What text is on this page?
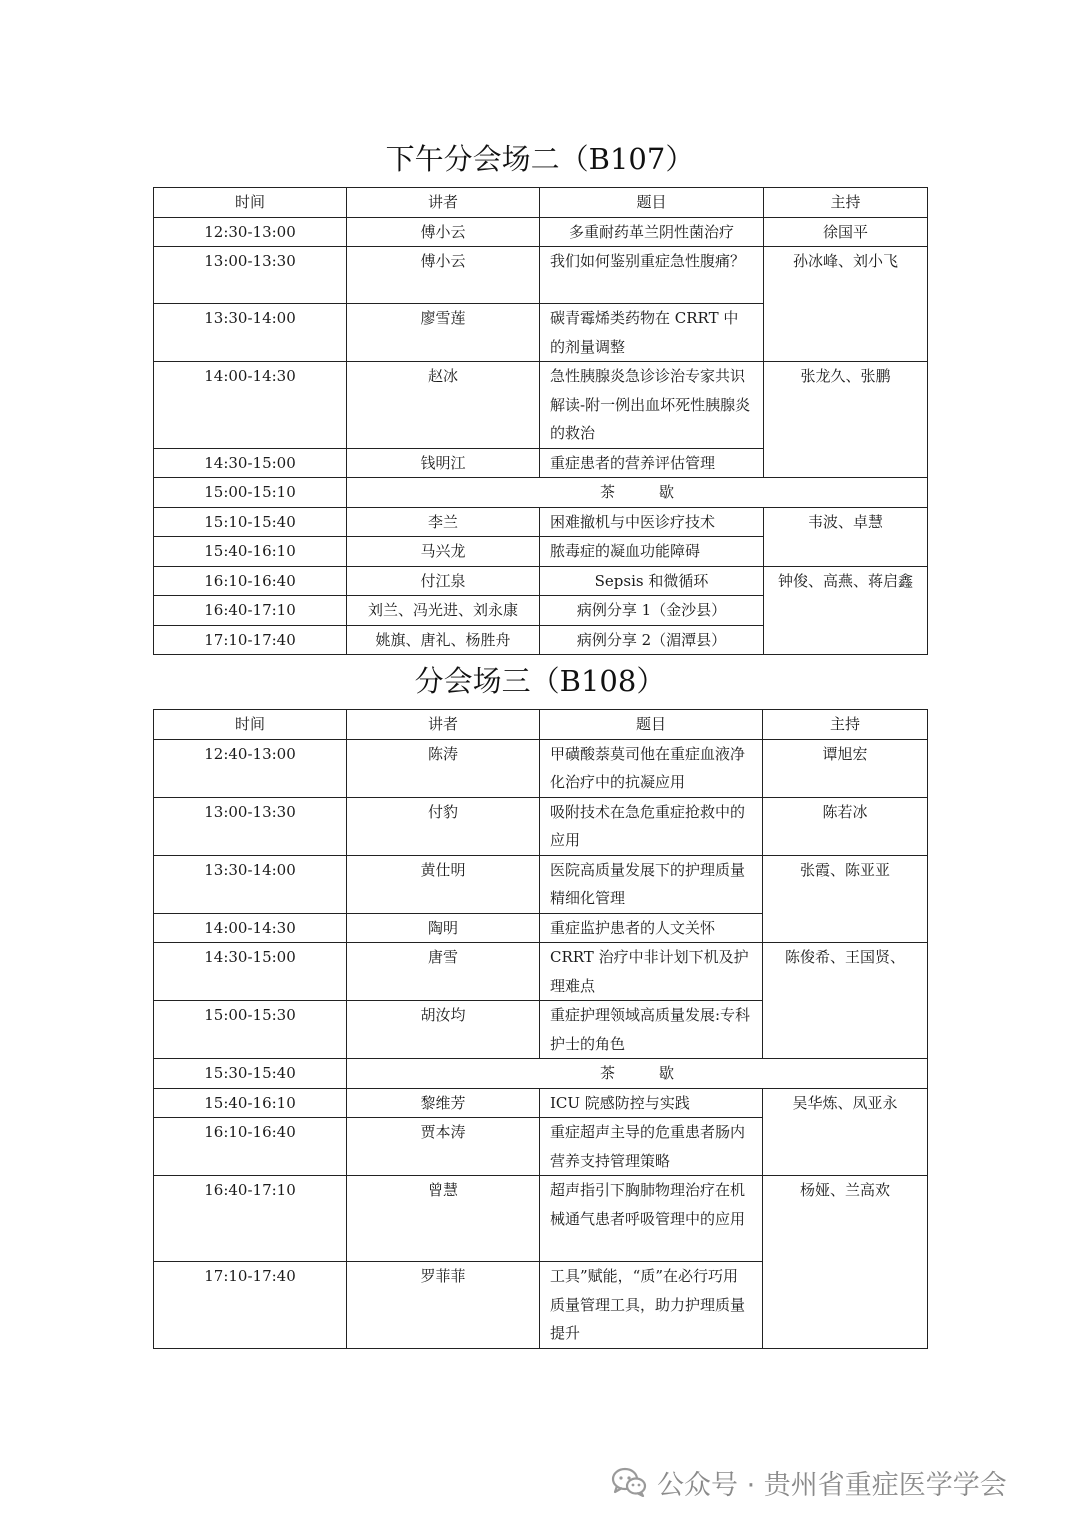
下午分会场二（B107）
时间	讲者	题目	主持
12:30-13:00	傅小云	多重耐药革兰阴性菌治疗	徐国平
13:00-13:30	傅小云	我们如何鉴别重症急性腹痛？	孙冰峰、刘小飞
13:30-14:00	廖雪莲	碳青霉烯类药物在 CRRT 中的剂量调整	
14:00-14:30	赵冰	急性胰腺炎急诊诊治专家共识解读-附一例出血坏死性胰腺炎的救治	张龙久、张鹏
14:30-15:00	钱明江	重症患者的营养评估管理	
15:00-15:10	茶 歇		
15:10-15:40	李兰	困难撤机与中医诊疗技术	韦波、卓慧
15:40-16:10	马兴龙	脓毒症的凝血功能障碍	
16:10-16:40	付江泉	Sepsis 和微循环	钟俊、高燕、蒋启鑫
16:40-17:10	刘兰、冯光进、刘永康	病例分享 1（金沙县）	
17:10-17:40	姚旗、唐礼、杨胜舟	病例分享 2（湄潭县）	
分会场三（B108）
时间	讲者	题目	主持
12:40-13:00	陈涛	甲磺酸萘莫司他在重症血液净化治疗中的抗凝应用	谭旭宏
13:00-13:30	付豹	吸附技术在急危重症抢救中的应用	陈若冰
13:30-14:00	黄仕明	医院高质量发展下的护理质量精细化管理	张霞、陈亚亚
14:00-14:30	陶明	重症监护患者的人文关怀	
14:30-15:00	唐雪	CRRT 治疗中非计划下机及护理难点	陈俊希、王国贤、
15:00-15:30	胡汝均	重症护理领域高质量发展:专科护士的角色	
15:30-15:40	茶 歇		
15:40-16:10	黎维芳	ICU 院感防控与实践	吴华炼、凤亚永
16:10-16:40	贾本涛	重症超声主导的危重患者肠内营养支持管理策略	
16:40-17:10	曾慧	超声指引下胸肺物理治疗在机械通气患者呼吸管理中的应用	杨娅、兰高欢
17:10-17:40	罗菲菲	工具”赋能，“质”在必行巧用质量管理工具，助力护理质量提升	
公众号 · 贵州省重症医学学会
